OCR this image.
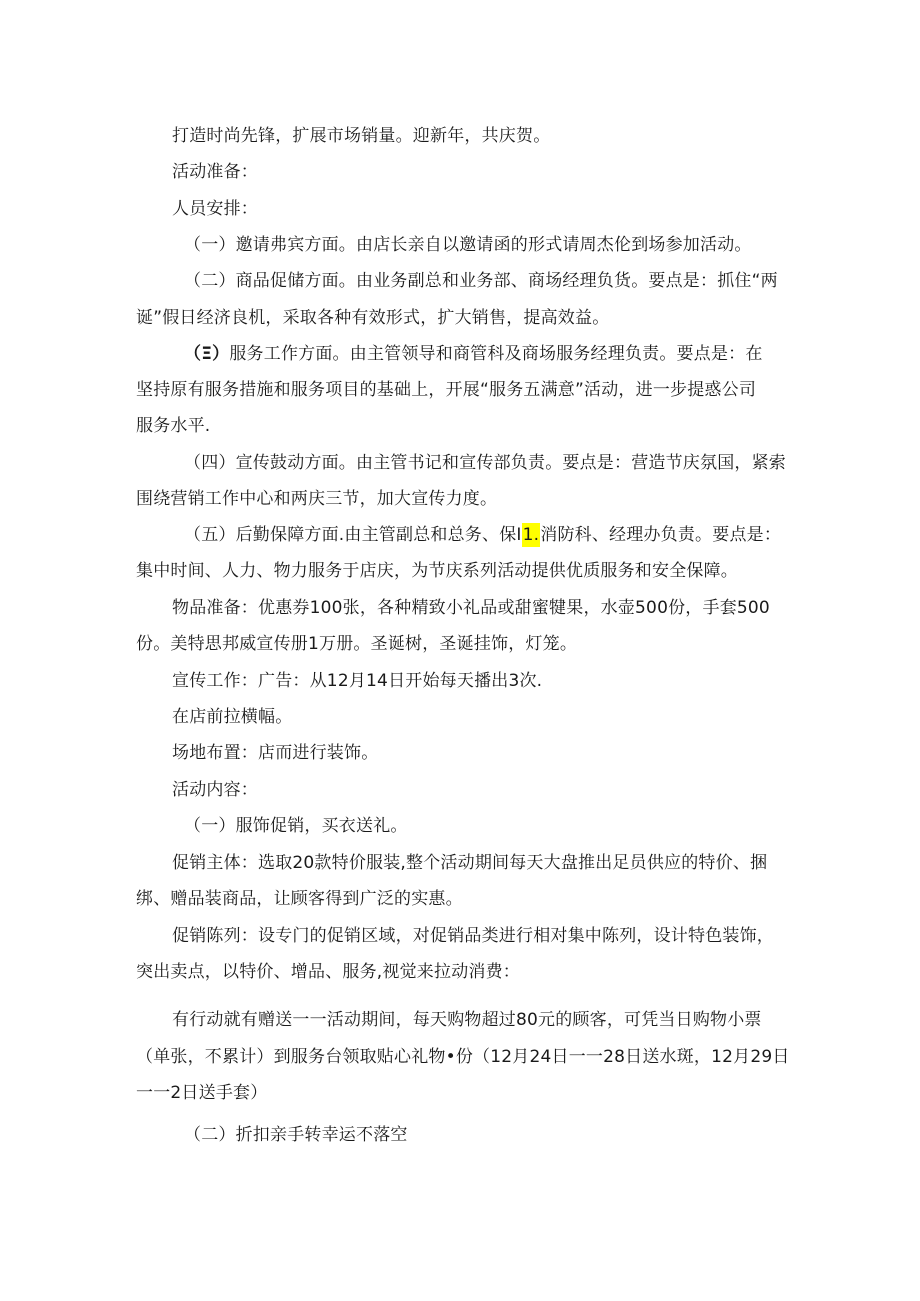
打造时尚先锋，扩展市场销量。迎新年，共庆贺。
活动准备：
人员安排：
（一）邀请弗宾方面。由店长亲自以邀请函的形式请周杰伦到场参加活动。
（二）商品促储方面。由业务副总和业务部、商场经理负货。要点是：抓住“两
诞”假日经济良机，采取各种有效形式，扩大销售，提高效益。
（Ξ）服务工作方面。由主管领导和商管科及商场服务经理负责。要点是：在
坚持原有服务措施和服务项目的基础上，开展“服务五满意”活动，进一步提惑公司
服务水平.
（四）宣传鼓动方面。由主管书记和宣传部负责。要点是：营造节庆氛国，紧索
围绕营销工作中心和两庆三节，加大宣传力度。
（五）后勤保障方面.由主管副总和总务、保I1.消防科、经理办负责。要点是：
集中时间、人力、物力服务于店庆，为节庆系列活动提供优质服务和安全保障。
物品准备：优惠券100张，各种精致小礼品或甜蜜犍果，水壶500份，手套500
份。美特思邦威宣传册1万册。圣诞树，圣诞挂饰，灯笼。
宣传工作：广告：从12月14日开始每天播出3次.
在店前拉横幅。
场地布置：店而进行装饰。
活动内容：
（一）服饰促销，买衣送礼。
促销主体：选取20款特价服装,整个活动期间每天大盘推出足员供应的特价、捆
绑、赠品装商品，让顾客得到广泛的实惠。
促销陈列：设专门的促销区域，对促销品类进行相对集中陈列，设计特色装饰，
突出卖点，以特价、增品、服务,视觉来拉动消费：
有行动就有赠送一一活动期间，每天购物超过80元的顾客，可凭当日购物小票
（单张，不累计）到服务台领取贴心礼物•份（12月24日一一28日送水斑，12月29日
一一2日送手套）
（二）折扣亲手转幸运不落空
